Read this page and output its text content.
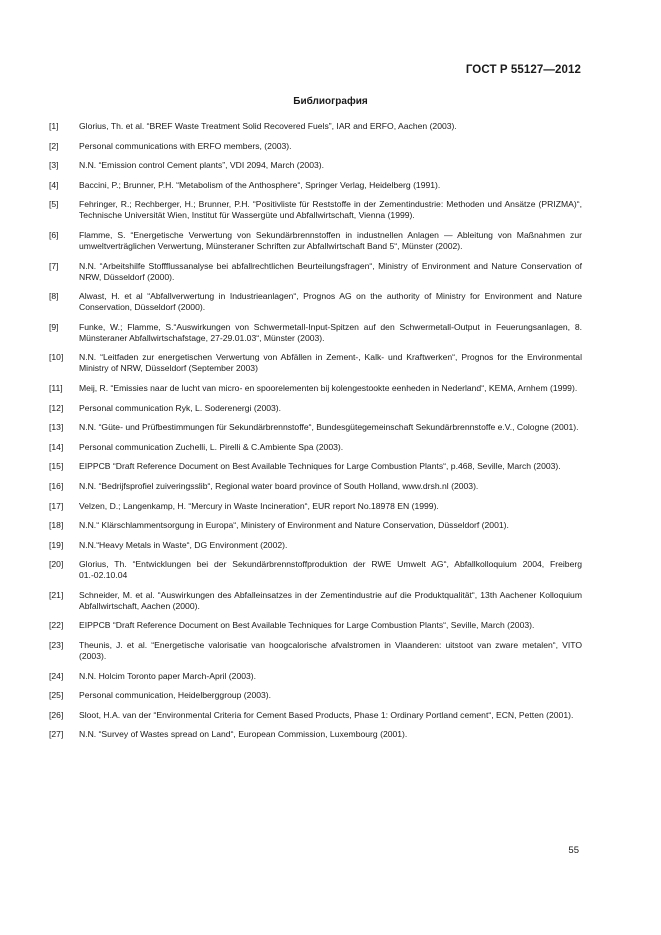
ГОСТ Р 55127—2012
Библиография
[1]	Glorius, Th. et al. “BREF Waste Treatment Solid Recovered Fuels”, IAR and ERFO, Aachen (2003).
[2]	Personal communications with ERFO members, (2003).
[3]	N.N. “Emission control Cement plants”, VDI 2094, March (2003).
[4]	Baccini, P.; Brunner, P.H. “Metabolism of the Anthosphere“, Springer Verlag, Heidelberg (1991).
[5]	Fehringer, R.; Rechberger, H.; Brunner, P.H. “Positivliste für Reststoffe in der Zementindustrie: Methoden und Ansätze (PRIZMA)“, Technische Universität Wien, Institut für Wassergüte und Abfallwirtschaft, Vienna (1999).
[6]	Flamme, S. “Energetische Verwertung von Sekundärbrennstoffen in industnellen Anlagen — Ableitung von Maßnahmen zur umweltverträglichen Verwertung, Münsteraner Schriften zur Abfallwirtschaft Band 5“, Münster (2002).
[7]	N.N. “Arbeitshilfe Stoffflussanalyse bei abfallrechtlichen Beurteilungsfragen“, Ministry of Environment and Nature Conservation of NRW, Düsseldorf (2000).
[8]	Alwast, H. et al “Abfallverwertung in Industrieanlagen“, Prognos AG on the authority of Ministry for Environment and Nature Conservation, Düsseldorf (2000).
[9]	Funke, W.; Flamme, S.“Auswirkungen von Schwermetall-Input-Spitzen auf den Schwermetall-Output in Feuerungsanlagen, 8. Münsteraner Abfallwirtschafstage, 27-29.01.03“, Münster (2003).
[10]	N.N. “Leitfaden zur energetischen Verwertung von Abfällen in Zement-, Kalk- und Kraftwerken“, Prognos for the Environmental Ministry of NRW, Düsseldorf (September 2003)
[11]	Meij, R. “Emissies naar de lucht van micro- en spoorelementen bij kolengestookte eenheden in Nederland“, KEMA, Arnhem (1999).
[12]	Personal communication Ryk, L. Soderenergi (2003).
[13]	N.N. “Güte- und Prüfbestimmungen für Sekundärbrennstoffe“, Bundesgütegemeinschaft Sekundärbrennstoffe e.V., Cologne (2001).
[14]	Personal communication Zuchelli, L. Pirelli & C.Ambiente Spa (2003).
[15]	EIPPCB “Draft Reference Document on Best Available Techniques for Large Combustion Plants“, p.468, Seville, March (2003).
[16]	N.N. “Bedrijfsprofiel zuiveringsslib“, Regional water board province of South Holland, www.drsh.nl (2003).
[17]	Velzen, D.; Langenkamp, H. “Mercury in Waste Incineration“, EUR report No.18978 EN (1999).
[18]	N.N.“ Klärschlammentsorgung in Europa“, Ministery of Environment and Nature Conservation, Düsseldorf (2001).
[19]	N.N.“Heavy Metals in Waste“, DG Environment (2002).
[20]	Glorius, Th. “Entwicklungen bei der Sekundärbrennstoffproduktion der RWE Umwelt AG“, Abfallkolloquium 2004, Freiberg 01.-02.10.04
[21]	Schneider, M. et al. “Auswirkungen des Abfalleinsatzes in der Zementindustrie auf die Produktqualität“, 13th Aachener Kolloquium Abfallwirtschaft, Aachen (2000).
[22]	EIPPCB “Draft Reference Document on Best Available Techniques for Large Combustion Plants“, Seville, March (2003).
[23]	Theunis, J. et al. “Energetische valorisatie van hoogcalorische afvalstromen in Vlaanderen: uitstoot van zware metalen“, VITO (2003).
[24]	N.N. Holcim Toronto paper March-April (2003).
[25]	Personal communication, Heidelberggroup (2003).
[26]	Sloot, H.A. van der “Environmental Criteria for Cement Based Products, Phase 1: Ordinary Portland cement“, ECN, Petten (2001).
[27]	N.N. “Survey of Wastes spread on Land“, European Commission, Luxembourg (2001).
55
